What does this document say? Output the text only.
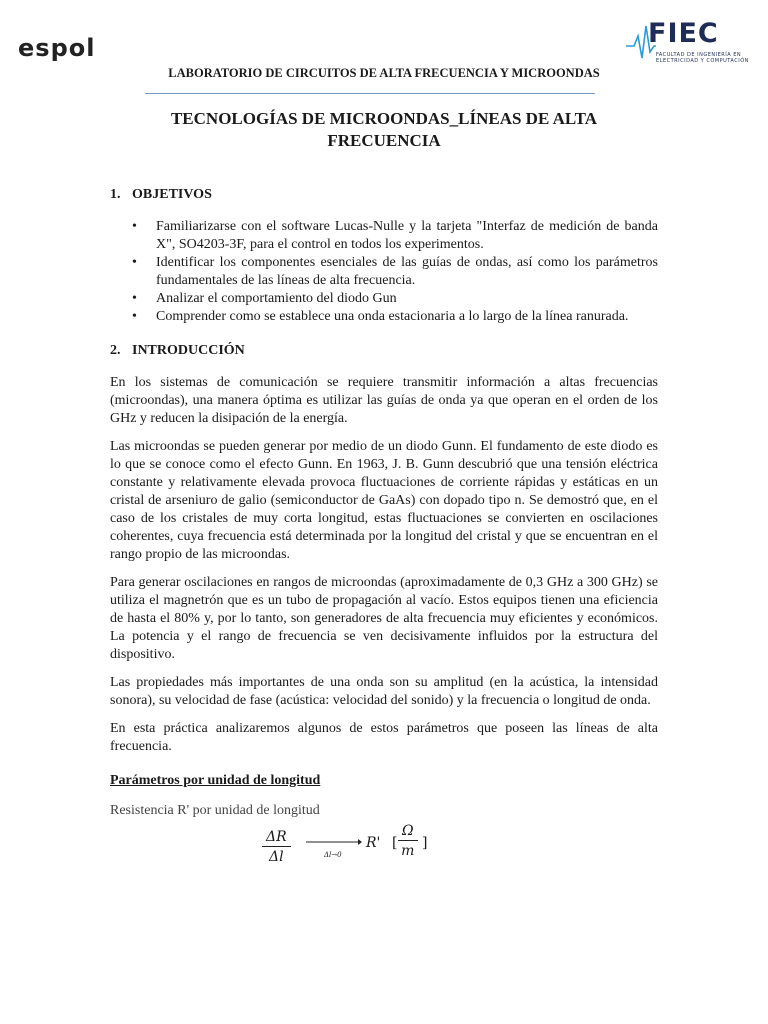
espol	FIEC
FACULTAD DE INGENIERÍA EN ELECTRICIDAD Y COMPUTACIÓN
LABORATORIO DE CIRCUITOS DE ALTA FRECUENCIA Y MICROONDAS
TECNOLOGÍAS DE MICROONDAS_LÍNEAS DE ALTA
FRECUENCIA
1. OBJETIVOS
• Familiarizarse con el software Lucas-Nulle y la tarjeta "Interfaz de medición de banda X", SO4203-3F, para el control en todos los experimentos.
• Identificar los componentes esenciales de las guías de ondas, así como los parámetros fundamentales de las líneas de alta frecuencia.
• Analizar el comportamiento del diodo Gun
• Comprender como se establece una onda estacionaria a lo largo de la línea ranurada.
2. INTRODUCCIÓN

En los sistemas de comunicación se requiere transmitir información a altas frecuencias (microondas), una manera óptima es utilizar las guías de onda ya que operan en el orden de los GHz y reducen la disipación de la energía.

Las microondas se pueden generar por medio de un diodo Gunn. El fundamento de este diodo es lo que se conoce como el efecto Gunn. En 1963, J. B. Gunn descubrió que una tensión eléctrica constante y relativamente elevada provoca fluctuaciones de corriente rápidas y estáticas en un cristal de arseniuro de galio (semiconductor de GaAs) con dopado tipo n. Se demostró que, en el caso de los cristales de muy corta longitud, estas fluctuaciones se convierten en oscilaciones coherentes, cuya frecuencia está determinada por la longitud del cristal y que se encuentran en el rango propio de las microondas.

Para generar oscilaciones en rangos de microondas (aproximadamente de 0,3 GHz a 300 GHz) se utiliza el magnetrón que es un tubo de propagación al vacío. Estos equipos tienen una eficiencia de hasta el 80% y, por lo tanto, son generadores de alta frecuencia muy eficientes y económicos. La potencia y el rango de frecuencia se ven decisivamente influidos por la estructura del dispositivo.

Las propiedades más importantes de una onda son su amplitud (en la acústica, la intensidad sonora), su velocidad de fase (acústica: velocidad del sonido) y la frecuencia o longitud de onda.

En esta práctica analizaremos algunos de estos parámetros que poseen las líneas de alta frecuencia.

Parámetros por unidad de longitud
Resistencia R' por unidad de longitud
$\frac{\Delta R}{\Delta l}$	Δl→0
R' [ $\frac{\Omega}{m}$ ]
